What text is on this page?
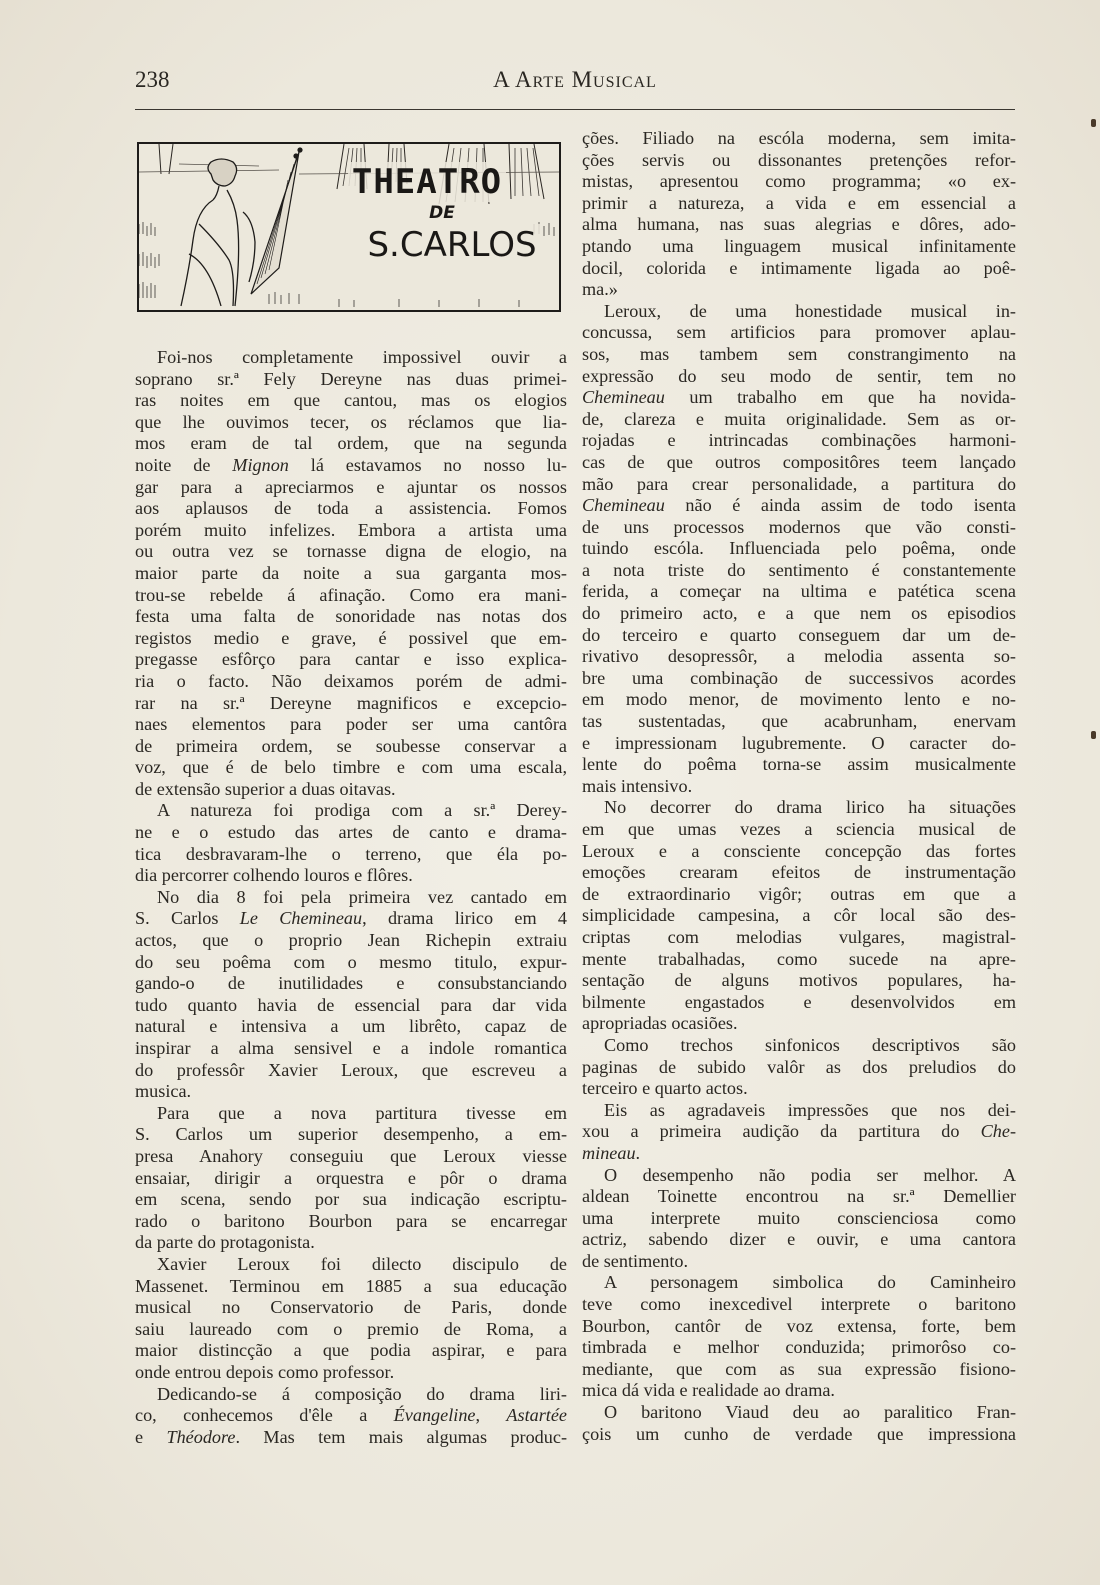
238	A Arte Musical
THEATRO
DE
S.CARLOS
Foi-nos completamente impossivel ouvir a
soprano sr.ª Fely Dereyne nas duas primei-
ras noites em que cantou, mas os elogios
que lhe ouvimos tecer, os réclamos que lia-
mos eram de tal ordem, que na segunda
noite de Mignon lá estavamos no nosso lu-
gar para a apreciarmos e ajuntar os nossos
aos aplausos de toda a assistencia. Fomos
porém muito infelizes. Embora a artista uma
ou outra vez se tornasse digna de elogio, na
maior parte da noite a sua garganta mos-
trou-se rebelde á afinação. Como era mani-
festa uma falta de sonoridade nas notas dos
registos medio e grave, é possivel que em-
pregasse esfôrço para cantar e isso explica-
ria o facto. Não deixamos porém de admi-
rar na sr.ª Dereyne magnificos e excepcio-
naes elementos para poder ser uma cantôra
de primeira ordem, se soubesse conservar a
voz, que é de belo timbre e com uma escala,
de extensão superior a duas oitavas.
A natureza foi prodiga com a sr.ª Derey-
ne e o estudo das artes de canto e drama-
tica desbravaram-lhe o terreno, que éla po-
dia percorrer colhendo louros e flôres.
No dia 8 foi pela primeira vez cantado em
S. Carlos Le Chemineau, drama lirico em 4
actos, que o proprio Jean Richepin extraiu
do seu poêma com o mesmo titulo, expur-
gando-o de inutilidades e consubstanciando
tudo quanto havia de essencial para dar vida
natural e intensiva a um librêto, capaz de
inspirar a alma sensivel e a indole romantica
do professôr Xavier Leroux, que escreveu a
musica.
Para que a nova partitura tivesse em
S. Carlos um superior desempenho, a em-
presa Anahory conseguiu que Leroux viesse
ensaiar, dirigir a orquestra e pôr o drama
em scena, sendo por sua indicação escriptu-
rado o baritono Bourbon para se encarregar
da parte do protagonista.
Xavier Leroux foi dilecto discipulo de
Massenet. Terminou em 1885 a sua educação
musical no Conservatorio de Paris, donde
saiu laureado com o premio de Roma, a
maior distincção a que podia aspirar, e para
onde entrou depois como professor.
Dedicando-se á composição do drama liri-
co, conhecemos d'êle a Évangeline, Astartée
e Théodore. Mas tem mais algumas produc-
ções. Filiado na escóla moderna, sem imita-
ções servis ou dissonantes pretenções refor-
mistas, apresentou como programma; «o ex-
primir a natureza, a vida e em essencial a
alma humana, nas suas alegrias e dôres, ado-
ptando uma linguagem musical infinitamente
docil, colorida e intimamente ligada ao poê-
ma.»
Leroux, de uma honestidade musical in-
concussa, sem artificios para promover aplau-
sos, mas tambem sem constrangimento na
expressão do seu modo de sentir, tem no
Chemineau um trabalho em que ha novida-
de, clareza e muita originalidade. Sem as or-
rojadas e intrincadas combinações harmoni-
cas de que outros compositôres teem lançado
mão para crear personalidade, a partitura do
Chemineau não é ainda assim de todo isenta
de uns processos modernos que vão consti-
tuindo escóla. Influenciada pelo poêma, onde
a nota triste do sentimento é constantemente
ferida, a começar na ultima e patética scena
do primeiro acto, e a que nem os episodios
do terceiro e quarto conseguem dar um de-
rivativo desopressôr, a melodia assenta so-
bre uma combinação de successivos acordes
em modo menor, de movimento lento e no-
tas sustentadas, que acabrunham, enervam
e impressionam lugubremente. O caracter do-
lente do poêma torna-se assim musicalmente
mais intensivo.
No decorrer do drama lirico ha situações
em que umas vezes a sciencia musical de
Leroux e a consciente concepção das fortes
emoções crearam efeitos de instrumentação
de extraordinario vigôr; outras em que a
simplicidade campesina, a côr local são des-
criptas com melodias vulgares, magistral-
mente trabalhadas, como sucede na apre-
sentação de alguns motivos populares, ha-
bilmente engastados e desenvolvidos em
apropriadas ocasiões.
Como trechos sinfonicos descriptivos são
paginas de subido valôr as dos preludios do
terceiro e quarto actos.
Eis as agradaveis impressões que nos dei-
xou a primeira audição da partitura do Che-
mineau.
O desempenho não podia ser melhor. A
aldean Toinette encontrou na sr.ª Demellier
uma interprete muito conscienciosa como
actriz, sabendo dizer e ouvir, e uma cantora
de sentimento.
A personagem simbolica do Caminheiro
teve como inexcedivel interprete o baritono
Bourbon, cantôr de voz extensa, forte, bem
timbrada e melhor conduzida; primorôso co-
mediante, que com as sua expressão fisiono-
mica dá vida e realidade ao drama.
O baritono Viaud deu ao paralitico Fran-
çois um cunho de verdade que impressiona
